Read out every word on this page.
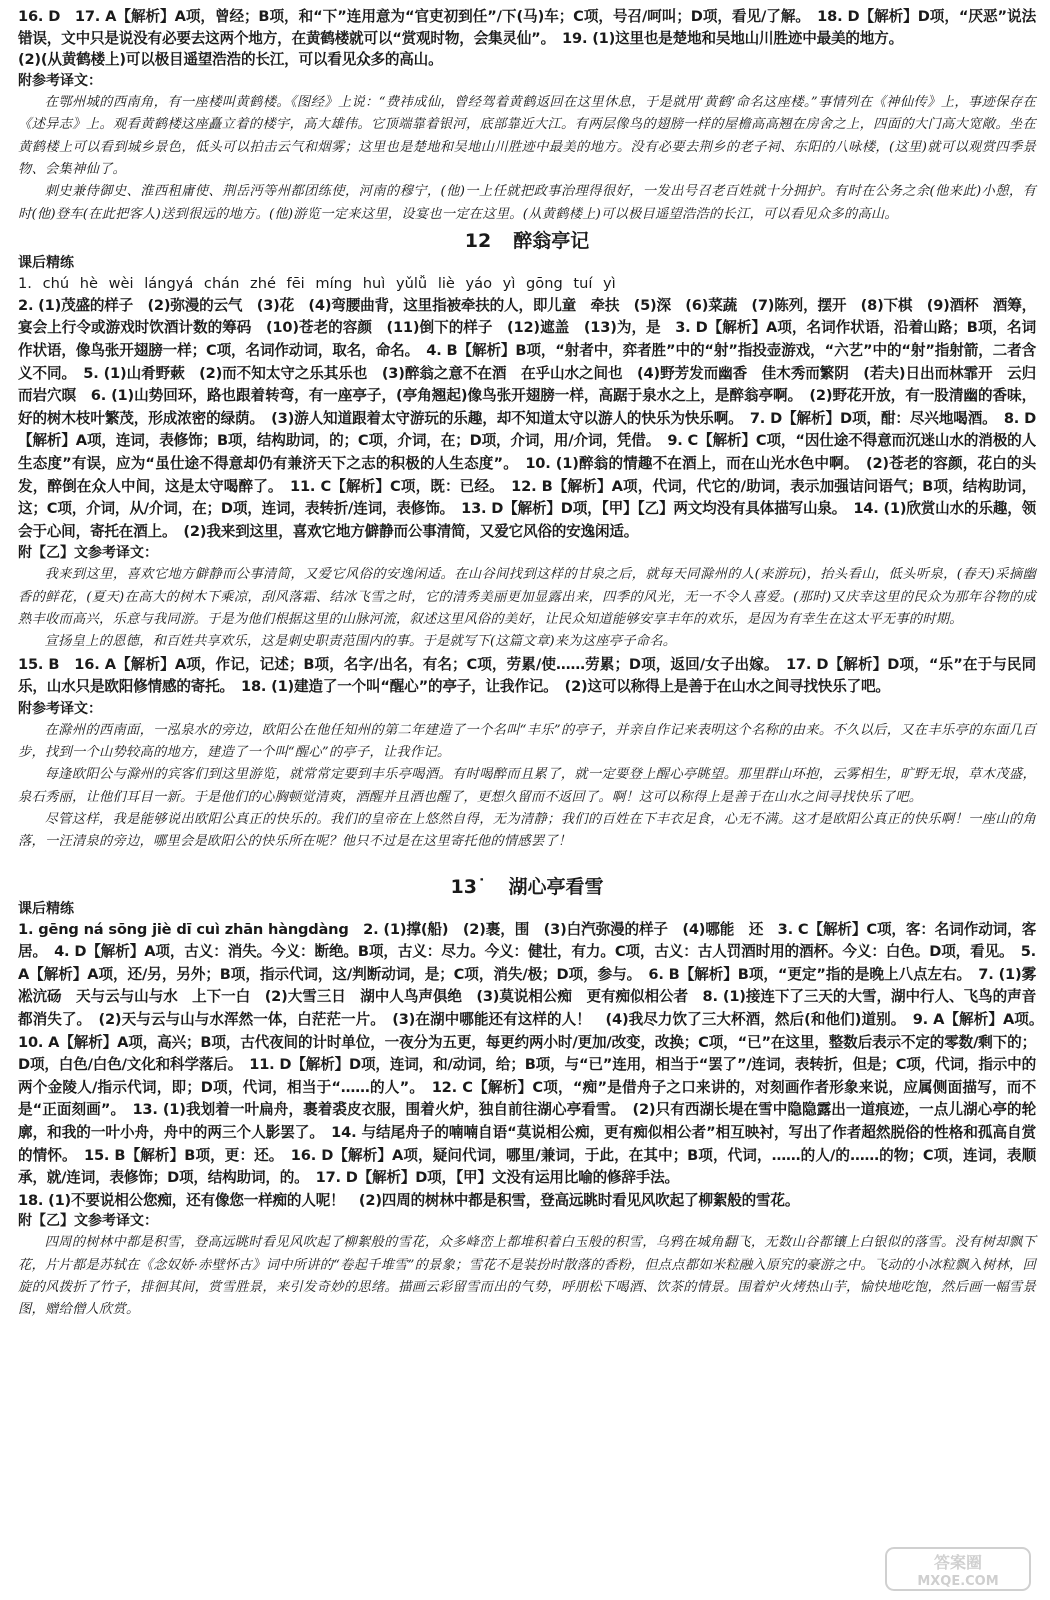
16. D　17. A【解析】A项，曾经；B项，和“下”连用意为“官吏初到任”/下(马)车；C项，号召/呵叫；D项，看见/了解。　18. D【解析】D项，“厌恶”说法错误，文中只是说没有必要去这两个地方，在黄鹤楼就可以“赏观时物，会集灵仙”。　19. (1)这里也是楚地和吴地山川胜迹中最美的地方。

(2)(从黄鹤楼上)可以极目遥望浩浩的长江，可以看见众多的高山。

附参考译文：

在鄂州城的西南角，有一座楼叫黄鹤楼。《图经》上说：“费祎成仙，曾经驾着黄鹤返回在这里休息，于是就用‘黄鹤’命名这座楼。”事情列在《神仙传》上，事迹保存在《述异志》上。观看黄鹤楼这座矗立着的楼宇，高大雄伟。它顶端靠着银河，底部靠近大江。有两层像鸟的翅膀一样的屋檐高高翘在房舍之上，四面的大门高大宽敞。坐在黄鹤楼上可以看到城乡景色，低头可以拍击云气和烟雾；这里也是楚地和吴地山川胜迹中最美的地方。没有必要去荆乡的老子祠、东阳的八咏楼，(这里)就可以观赏四季景物、会集神仙了。

刺史兼侍御史、淮西租庸使、荆岳沔等州都团练使，河南的穆宁，(他)一上任就把政事治理得很好，一发出号召老百姓就十分拥护。有时在公务之余(他来此)小憩，有时(他)登车(在此把客人)送到很远的地方。(他)游览一定来这里，设宴也一定在这里。(从黄鹤楼上)可以极目遥望浩浩的长江，可以看见众多的高山。

12 醉翁亭记

课后精练

1. chú hè wèi lángyá chán zhé fēi míng huì yǔlǚ liè yáo yì gōng tuí yì

2. (1)茂盛的样子　(2)弥漫的云气　(3)花　(4)弯腰曲背，这里指被牵扶的人，即儿童　牵扶　(5)深　(6)菜蔬　(7)陈列，摆开　(8)下棋　(9)酒杯　酒筹，宴会上行令或游戏时饮酒计数的筹码　(10)苍老的容颜　(11)倒下的样子　(12)遮盖　(13)为，是　3. D【解析】A项，名词作状语，沿着山路；B项，名词作状语，像鸟张开翅膀一样；C项，名词作动词，取名，命名。　4. B【解析】B项，“射者中，弈者胜”中的“射”指投壶游戏，“六艺”中的“射”指射箭，二者含义不同。　5. (1)山肴野蔌　(2)而不知太守之乐其乐也　(3)醉翁之意不在酒　在乎山水之间也　(4)野芳发而幽香　佳木秀而繁阴　(若夫)日出而林霏开　云归而岩穴暝　6. (1)山势回环，路也跟着转弯，有一座亭子，(亭角翘起)像鸟张开翅膀一样，高踞于泉水之上，是醉翁亭啊。　(2)野花开放，有一股清幽的香味，好的树木枝叶繁茂，形成浓密的绿荫。　(3)游人知道跟着太守游玩的乐趣，却不知道太守以游人的快乐为快乐啊。　7. D【解析】D项，酣：尽兴地喝酒。　8. D【解析】A项，连词，表修饰；B项，结构助词，的；C项，介词，在；D项，介词，用/介词，凭借。　9. C【解析】C项，“因仕途不得意而沉迷山水的消极的人生态度”有误，应为“虽仕途不得意却仍有兼济天下之志的积极的人生态度”。　10. (1)醉翁的情趣不在酒上，而在山光水色中啊。　(2)苍老的容颜，花白的头发，醉倒在众人中间，这是太守喝醉了。　11. C【解析】C项，既：已经。　12. B【解析】A项，代词，代它的/助词，表示加强诘问语气；B项，结构助词，这；C项，介词，从/介词，在；D项，连词，表转折/连词，表修饰。　13. D【解析】D项，【甲】【乙】两文均没有具体描写山泉。　14. (1)欣赏山水的乐趣，领会于心间，寄托在酒上。　(2)我来到这里，喜欢它地方僻静而公事清简，又爱它风俗的安逸闲适。

附【乙】文参考译文：

我来到这里，喜欢它地方僻静而公事清简，又爱它风俗的安逸闲适。在山谷间找到这样的甘泉之后，就每天同滁州的人(来游玩)，抬头看山，低头听泉，(春天)采摘幽香的鲜花，(夏天)在高大的树木下乘凉，刮风落霜、结冰飞雪之时，它的清秀美丽更加显露出来，四季的风光，无一不令人喜爱。(那时)又庆幸这里的民众为那年谷物的成熟丰收而高兴，乐意与我同游。于是为他们根据这里的山脉河流，叙述这里风俗的美好，让民众知道能够安享丰年的欢乐，是因为有幸生在这太平无事的时期。

宣扬皇上的恩德，和百姓共享欢乐，这是刺史职责范围内的事。于是就写下(这篇文章)来为这座亭子命名。

15. B　16. A【解析】A项，作记，记述；B项，名字/出名，有名；C项，劳累/使……劳累；D项，返回/女子出嫁。　17. D【解析】D项，“乐”在于与民同乐，山水只是欧阳修情感的寄托。　18. (1)建造了一个叫“醒心”的亭子，让我作记。　(2)这可以称得上是善于在山水之间寻找快乐了吧。

附参考译文：

在滁州的西南面，一泓泉水的旁边，欧阳公在他任知州的第二年建造了一个名叫“丰乐”的亭子，并亲自作记来表明这个名称的由来。不久以后，又在丰乐亭的东面几百步，找到一个山势较高的地方，建造了一个叫“醒心”的亭子，让我作记。

每逢欧阳公与滁州的宾客们到这里游览，就常常定要到丰乐亭喝酒。有时喝醉而且累了，就一定要登上醒心亭眺望。那里群山环抱，云雾相生，旷野无垠，草木茂盛，泉石秀丽，让他们耳目一新。于是他们的心胸顿觉清爽，酒醒并且酒也醒了，更想久留而不返回了。啊！这可以称得上是善于在山水之间寻找快乐了吧。

尽管这样，我是能够说出欧阳公真正的快乐的。我们的皇帝在上悠然自得，无为清静；我们的百姓在下丰衣足食，心无不满。这才是欧阳公真正的快乐啊！一座山的角落，一汪清泉的旁边，哪里会是欧阳公的快乐所在呢？他只不过是在这里寄托他的情感罢了！

13˙ 湖心亭看雪

课后精练

1. gēng ná sōng jiè dī cuì zhān hàngdàng　2. (1)撑(船)　(2)裹，围　(3)白汽弥漫的样子　(4)哪能　还　3. C【解析】C项，客：名词作动词，客居。　4. D【解析】A项，古义：消失。今义：断绝。B项，古义：尽力。今义：健壮，有力。C项，古义：古人罚酒时用的酒杯。今义：白色。D项，看见。　5. A【解析】A项，还/另，另外；B项，指示代词，这/判断动词，是；C项，消失/极；D项，参与。　6. B【解析】B项，“更定”指的是晚上八点左右。　7. (1)雾凇沆砀　天与云与山与水　上下一白　(2)大雪三日　湖中人鸟声俱绝　(3)莫说相公痴　更有痴似相公者　8. (1)接连下了三天的大雪，湖中行人、飞鸟的声音都消失了。　(2)天与云与山与水浑然一体，白茫茫一片。　(3)在湖中哪能还有这样的人！　(4)我尽力饮了三大杯酒，然后(和他们)道别。　9. A【解析】A项。　10. A【解析】A项，高兴；B项，古代夜间的计时单位，一夜分为五更，每更约两小时/更加/改变，改换；C项，“已”在这里，整数后表示不定的零数/剩下的；D项，白色/白色/文化和科学落后。　11. D【解析】D项，连词，和/动词，给；B项，与“已”连用，相当于“罢了”/连词，表转折，但是；C项，代词，指示中的两个金陵人/指示代词，即；D项，代词，相当于“……的人”。　12. C【解析】C项，“痴”是借舟子之口来讲的，对刻画作者形象来说，应属侧面描写，而不是“正面刻画”。　13. (1)我划着一叶扁舟，裹着裘皮衣服，围着火炉，独自前往湖心亭看雪。　(2)只有西湖长堤在雪中隐隐露出一道痕迹，一点儿湖心亭的轮廓，和我的一叶小舟，舟中的两三个人影罢了。　14. 与结尾舟子的喃喃自语“莫说相公痴，更有痴似相公者”相互映衬，写出了作者超然脱俗的性格和孤高自赏的情怀。　15. B【解析】B项，更：还。　16. D【解析】A项，疑问代词，哪里/兼词，于此，在其中；B项，代词，……的人/的……的物；C项，连词，表顺承，就/连词，表修饰；D项，结构助词，的。　17. D【解析】D项，【甲】文没有运用比喻的修辞手法。

18. (1)不要说相公您痴，还有像您一样痴的人呢！　(2)四周的树林中都是积雪，登高远眺时看见风吹起了柳絮般的雪花。

附【乙】文参考译文：

四周的树林中都是积雪，登高远眺时看见风吹起了柳絮般的雪花，众多峰峦上都堆积着白玉般的积雪，乌鸦在城角翻飞，无数山谷都镶上白银似的落雪。没有树却飘下花，片片都是苏轼在《念奴娇·赤壁怀古》词中所讲的“卷起千堆雪”的景象；雪花不是装扮时散落的香粉，但点点都如米粒融入原究的豪游之中。飞动的小冰粒飘入树林，回旋的风拨折了竹子，排徊其间，赏雪胜景，来引发奇妙的思绪。描画云彩留雪而出的气势，呼朋松下喝酒、饮茶的情景。围着炉火烤热山芋，愉快地吃饱，然后画一幅雪景图，赠给僧人欣赏。

答案圈
MXQE.COM
